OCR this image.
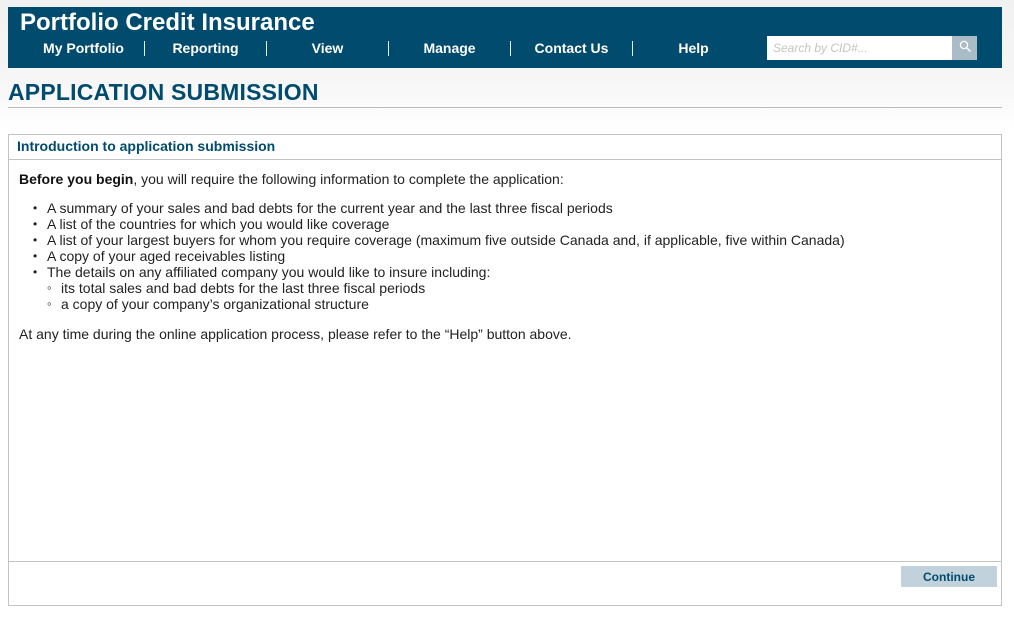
Portfolio Credit Insurance
My Portfolio	Reporting	View	Manage	Contact Us	Help
Search by CID#...
APPLICATION SUBMISSION
Introduction to application submission
Before you begin, you will require the following information to complete the application:
• A summary of your sales and bad debts for the current year and the last three fiscal periods
• A list of the countries for which you would like coverage
• A list of your largest buyers for whom you require coverage (maximum five outside Canada and, if applicable, five within Canada)
• A copy of your aged receivables listing
• The details on any affiliated company you would like to insure including:
◦ its total sales and bad debts for the last three fiscal periods
◦ a copy of your company’s organizational structure
At any time during the online application process, please refer to the “Help” button above.
Continue
